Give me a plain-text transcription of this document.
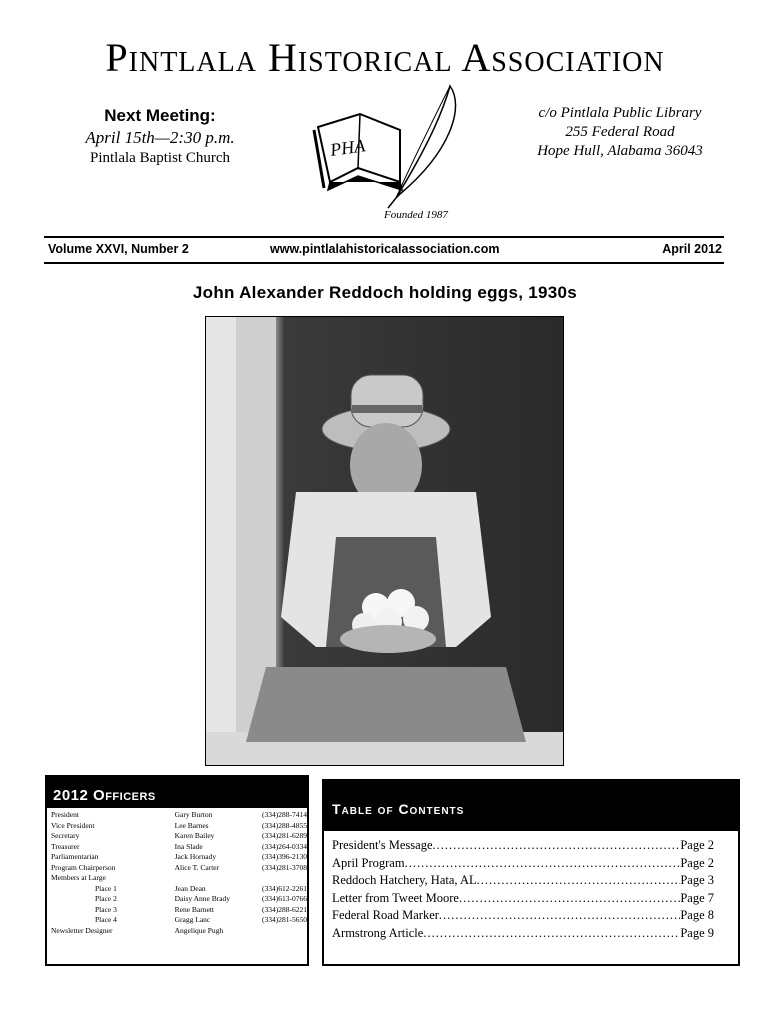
Pintlala Historical Association
Next Meeting:
April 15th—2:30 p.m.
Pintlala Baptist Church	PHA
Founded 1987
c/o Pintlala Public Library
255 Federal Road
Hope Hull, Alabama 36043
Volume XXVI, Number 2	www.pintlalahistoricalassociation.com	April 2012
John Alexander Reddoch holding eggs, 1930s
2012 Officers
President	Gary Burton	(334)288-7414
Vice President	Lee Barnes	(334)288-4855
Secretary	Karen Bailey	(334)281-6289
Treasurer	Ina Slade	(334)264-0334
Parliamentarian	Jack Hornady	(334)396-2130
Program Chairperson	Alice T. Carter	(334)281-3708
Members at Large		
Place 1	Jean Dean	(334)612-2261
Place 2	Daisy Anne Brady	(334)613-0766
Place 3	Rene Barnett	(334)288-6221
Place 4	Gragg Lanc	(334)281-5650
Newsletter Designer	Angelique Pugh	
Table of Contents
President's Message .....	Page 2
April Program .....	Page 2
Reddoch Hatchery, Hata, AL .....	Page 3
Letter from Tweet Moore .....	Page 7
Federal Road Marker .....	Page 8
Armstrong Article .....	Page 9
